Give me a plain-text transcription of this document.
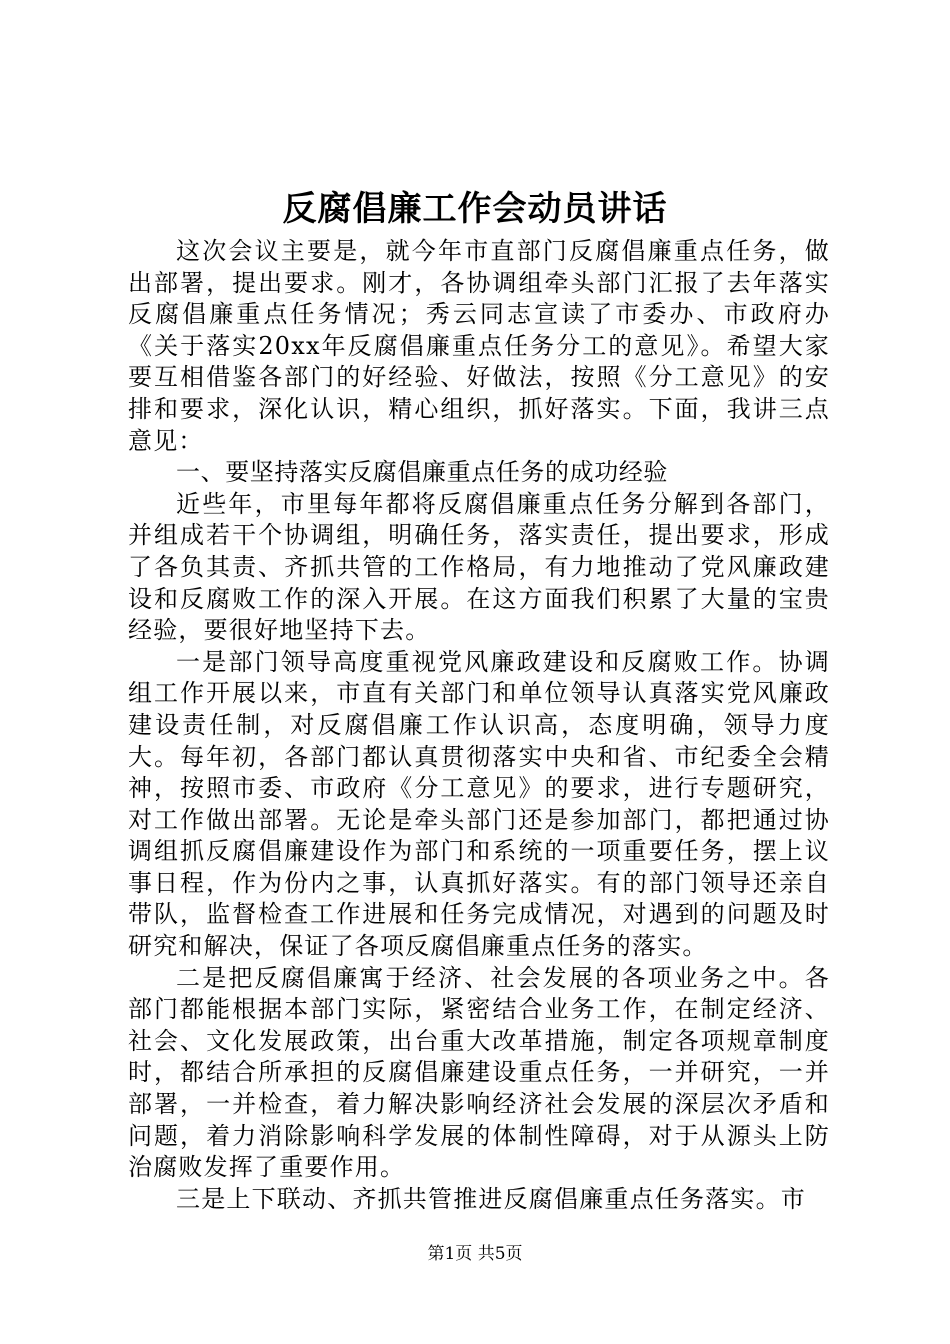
反腐倡廉工作会动员讲话

这次会议主要是，就今年市直部门反腐倡廉重点任务，做出部署，提出要求。刚才，各协调组牵头部门汇报了去年落实反腐倡廉重点任务情况；秀云同志宣读了市委办、市政府办《关于落实20xx年反腐倡廉重点任务分工的意见》。希望大家要互相借鉴各部门的好经验、好做法，按照《分工意见》的安排和要求，深化认识，精心组织，抓好落实。下面，我讲三点意见：

一、要坚持落实反腐倡廉重点任务的成功经验

近些年，市里每年都将反腐倡廉重点任务分解到各部门，并组成若干个协调组，明确任务，落实责任，提出要求，形成了各负其责、齐抓共管的工作格局，有力地推动了党风廉政建设和反腐败工作的深入开展。在这方面我们积累了大量的宝贵经验，要很好地坚持下去。

一是部门领导高度重视党风廉政建设和反腐败工作。协调组工作开展以来，市直有关部门和单位领导认真落实党风廉政建设责任制，对反腐倡廉工作认识高，态度明确，领导力度大。每年初，各部门都认真贯彻落实中央和省、市纪委全会精神，按照市委、市政府《分工意见》的要求，进行专题研究，对工作做出部署。无论是牵头部门还是参加部门，都把通过协调组抓反腐倡廉建设作为部门和系统的一项重要任务，摆上议事日程，作为份内之事，认真抓好落实。有的部门领导还亲自带队，监督检查工作进展和任务完成情况，对遇到的问题及时研究和解决，保证了各项反腐倡廉重点任务的落实。

二是把反腐倡廉寓于经济、社会发展的各项业务之中。各部门都能根据本部门实际，紧密结合业务工作，在制定经济、社会、文化发展政策，出台重大改革措施，制定各项规章制度时，都结合所承担的反腐倡廉建设重点任务，一并研究，一并部署，一并检查，着力解决影响经济社会发展的深层次矛盾和问题，着力消除影响科学发展的体制性障碍，对于从源头上防治腐败发挥了重要作用。

三是上下联动、齐抓共管推进反腐倡廉重点任务落实。市

第1页 共5页
